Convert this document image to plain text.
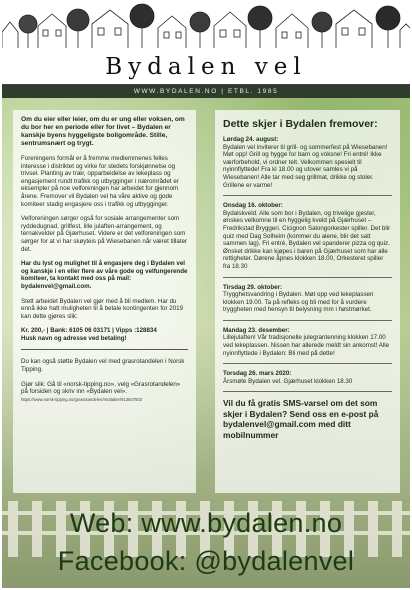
Bydalen vel
WWW.BYDALEN.NO | ETBL. 1985

Om du eier eller leier, om du er ung eller voksen, om du bor her en periode eller for livet – Bydalen er kanskje byens hyggeligste boligområde. Stille, sentrumsnært og trygt.

Foreningens formål er å fremme medlemmenes felles interesse i distriktet og virke for stedets forskjønnelse og trivsel. Planting av trær, opparbeidelse av lekeplass og engasjement rundt trafikk og utbygginger i nærområdet er eksempler på noe velforeningen har arbeidet for gjennom årene. Fremover vil Bydalen vel ha våre aktive og gode komiteer stadig engasjere oss i trafikk og utbygginger.

Velforeningen sørger også for sosiale arrangementer som ryddedugnad, grillfest, lille julaften-arrangement, og ternakvelder på Gjærhuset. Videre er det velforeningen som sørger for at vi har skøyteis på Wiesebanen når været tillater det.

Har du lyst og mulighet til å engasjere deg i Bydalen vel og kanskje i en eller flere av våre gode og velfungerende komiteer, ta kontakt med oss på mail: bydalenvel@gmail.com.

Stett arbeidet Bydalen vel gjør med å bli medlem. Har du ennå ikke hatt muligheten til å betale kontingenten for 2019 kan dette gjøres slik:

Kr. 200,- | Bank: 6105 06 03171 | Vipps :128834

Husk navn og adresse ved betaling!

Du kan også støtte Bydalen vel med grasrotandelen i Norsk Tipping.

Gjør slik: Gå til «norsk-tipping.no», velg «Grasrotandelen» på forsiden og skriv inn «Bydalen vel».

https://www.norsk-tipping.no/grasrotandelen/mottaker/913547502

Dette skjer i Bydalen fremover:

Lørdag 24. august:

Bydalen vel inviterer til grill- og sommerfest på Wiesebanen! Møt opp! Grill og hygge for barn og voksne! Fri entré! Ikke værforbehold, vi ordner telt. Velkommen spesielt til nyinnflyttede! Fra kl 18.00 og utover samles vi på Wiesebanen! Alle tar med seg grillmat, drikke og stoler. Grillene er varme!

Onsdag 16. oktober:

Bydalskveld. Alle som bor i Bydalen, og trivelige gjester, ønskes velkomne til en hyggelig kveld på Gjærhuset – Fredrikstad Bryggeri. Cicignon Salongorkester spiller. Det blir quiz med Dag Solheim (kommer du alene, blir det satt sammen lag). Fri entré, Bydalen vel spanderer pizza og quiz. Ønsket drikke kan kjøpes i baren på Gjærhuset som har alle rettigheter. Dørene åpnes klokken 18.00, Orkesteret spiller fra 18.30

Tirsdag 29. oktober:

Trygghetsvandring i Bydalen. Møt opp ved lekeplassen klokken 19.00. Ta på refleks og bli med for å vurdere tryggheten med hensyn til belysning mm i høstmørket.

Mandag 23. desember:

Lillejulaften! Vår tradisjonelle julegrantenning klokken 17.00 ved lekeplassen. Nissen har allerede meldt sin ankomst! Alle nyinnflyttede i Bydalen: Bli med på dette!

Torsdag 26. mars 2020:

Årsmøte Bydalen vel. Gjærhuset klokken 18.30

Vil du få gratis SMS-varsel om det som skjer i Bydalen? Send oss en e-post på bydalenvel@gmail.com med ditt mobilnummer
Web: www.bydalen.no
Facebook: @bydalenvel
